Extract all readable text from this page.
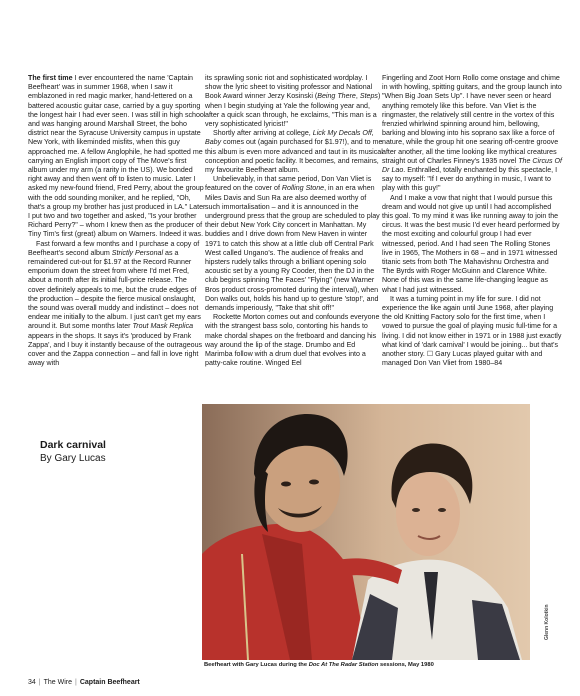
The first time I ever encountered the name 'Captain Beefheart' was in summer 1968, when I saw it emblazoned in red magic marker, hand-lettered on a battered acoustic guitar case, carried by a guy sporting the longest hair I had ever seen. I was still in high school and was hanging around Marshall Street, the boho district near the Syracuse University campus in upstate New York, with likeminded misfits, when this guy approached me. A fellow Anglophile, he had spotted me carrying an English import copy of The Move's first album under my arm (a rarity in the US). We bonded right away and then went off to listen to music. Later I asked my new-found friend, Fred Perry, about the group with the odd sounding moniker, and he replied, "Oh, that's a group my brother has just produced in LA." Later I put two and two together and asked, "Is your brother Richard Perry?" – whom I knew then as the producer of Tiny Tim's first (great) album on Warners. Indeed it was.

Fast forward a few months and I purchase a copy of Beefheart's second album Strictly Personal as a remaindered cut-out for $1.97 at the Record Runner emporium down the street from where I'd met Fred, about a month after its initial full-price release. The cover definitely appeals to me, but the crude edges of the production – despite the fierce musical onslaught, the sound was overall muddy and indistinct – does not endear me initially to the album. I just can't get my ears around it. But some months later Trout Mask Replica appears in the shops. It says it's 'produced by Frank Zappa', and I buy it instantly because of the outrageous cover and the Zappa connection – and fall in love right away with

its sprawling sonic riot and sophisticated wordplay. I show the lyric sheet to visiting professor and National Book Award winner Jerzy Kosinski (Being There, Steps) when I begin studying at Yale the following year and, after a quick scan through, he exclaims, "This man is a very sophisticated lyricist!"

Shortly after arriving at college, Lick My Decals Off, Baby comes out (again purchased for $1.97!), and to me this album is even more advanced and taut in its musical conception and poetic facility. It becomes, and remains, my favourite Beefheart album.

Unbelievably, in that same period, Don Van Vliet is featured on the cover of Rolling Stone, in an era when Miles Davis and Sun Ra are also deemed worthy of such immortalisation – and it is announced in the underground press that the group are scheduled to play their debut New York City concert in Manhattan. My buddies and I drive down from New Haven in winter 1971 to catch this show at a little club off Central Park West called Ungano's. The audience of freaks and hipsters rudely talks through a brilliant opening solo acoustic set by a young Ry Cooder, then the DJ in the club begins spinning The Faces' "Flying" (new Warner Bros product cross-promoted during the interval), when Don walks out, holds his hand up to gesture 'stop!', and demands imperiously, "Take that shit off!"

Rockette Morton comes out and confounds everyone with the strangest bass solo, contorting his hands to make chordal shapes on the fretboard and dancing his way around the lip of the stage. Drumbo and Ed Marimba follow with a drum duel that evolves into a patty-cake routine. Winged Eel

Fingerling and Zoot Horn Rollo come onstage and chime in with howling, spitting guitars, and the group launch into "When Big Joan Sets Up". I have never seen or heard anything remotely like this before. Van Vliet is the ringmaster, the relatively still centre in the vortex of this frenzied whirlwind spinning around him, bellowing, barking and blowing into his soprano sax like a force of nature, while the group hit one searing off-centre groove after another, all the time looking like mythical creatures straight out of Charles Finney's 1935 novel The Circus Of Dr Lao. Enthralled, totally enchanted by this spectacle, I say to myself: "If I ever do anything in music, I want to play with this guy!"

And I make a vow that night that I would pursue this dream and would not give up until I had accomplished this goal. To my mind it was like running away to join the circus. It was the best music I'd ever heard performed by the most exciting and colourful group I had ever witnessed, period. And I had seen The Rolling Stones live in 1965, The Mothers in 68 – and in 1971 witnessed titanic sets from both The Mahavishnu Orchestra and The Byrds with Roger McGuinn and Clarence White. None of this was in the same life-changing league as what I had just witnessed.

It was a turning point in my life for sure. I did not experience the like again until June 1968, after playing the old Knitting Factory solo for the first time, when I vowed to pursue the goal of playing music full-time for a living. I did not know either in 1971 or in 1988 just exactly what kind of 'dark carnival' I would be joining... but that's another story. ☐ Gary Lucas played guitar with and managed Don Van Vliet from 1980–84

Dark carnival
By Gary Lucas
Beefheart with Gary Lucas during the Doc At The Radar Station sessions, May 1980
Glenn Kolotkin
34 | The Wire | Captain Beefheart
